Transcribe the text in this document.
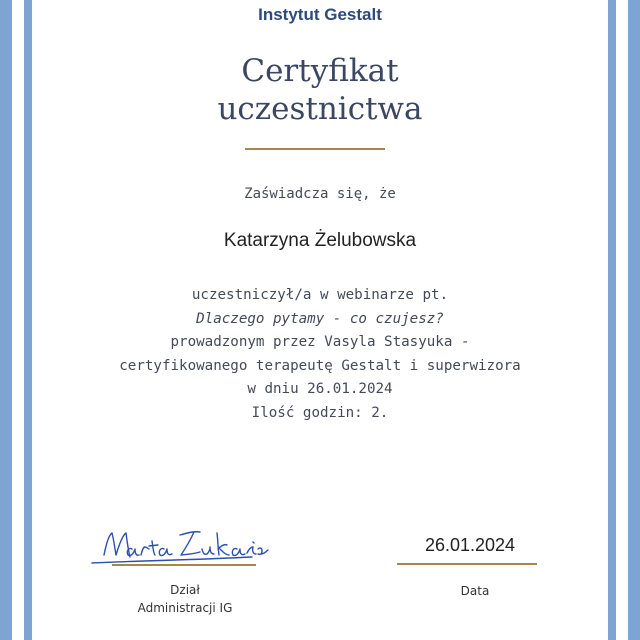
Instytut Gestalt
Certyfikat
uczestnictwa
Zaświadcza się, że
Katarzyna Żelubowska
uczestniczył/a w webinarze pt.
Dlaczego pytamy - co czujesz?
prowadzonym przez Vasyla Stasyuka -
certyfikowanego terapeutę Gestalt i superwizora
w dniu 26.01.2024
Ilość godzin: 2.
Dział
Administracji IG
26.01.2024
Data
